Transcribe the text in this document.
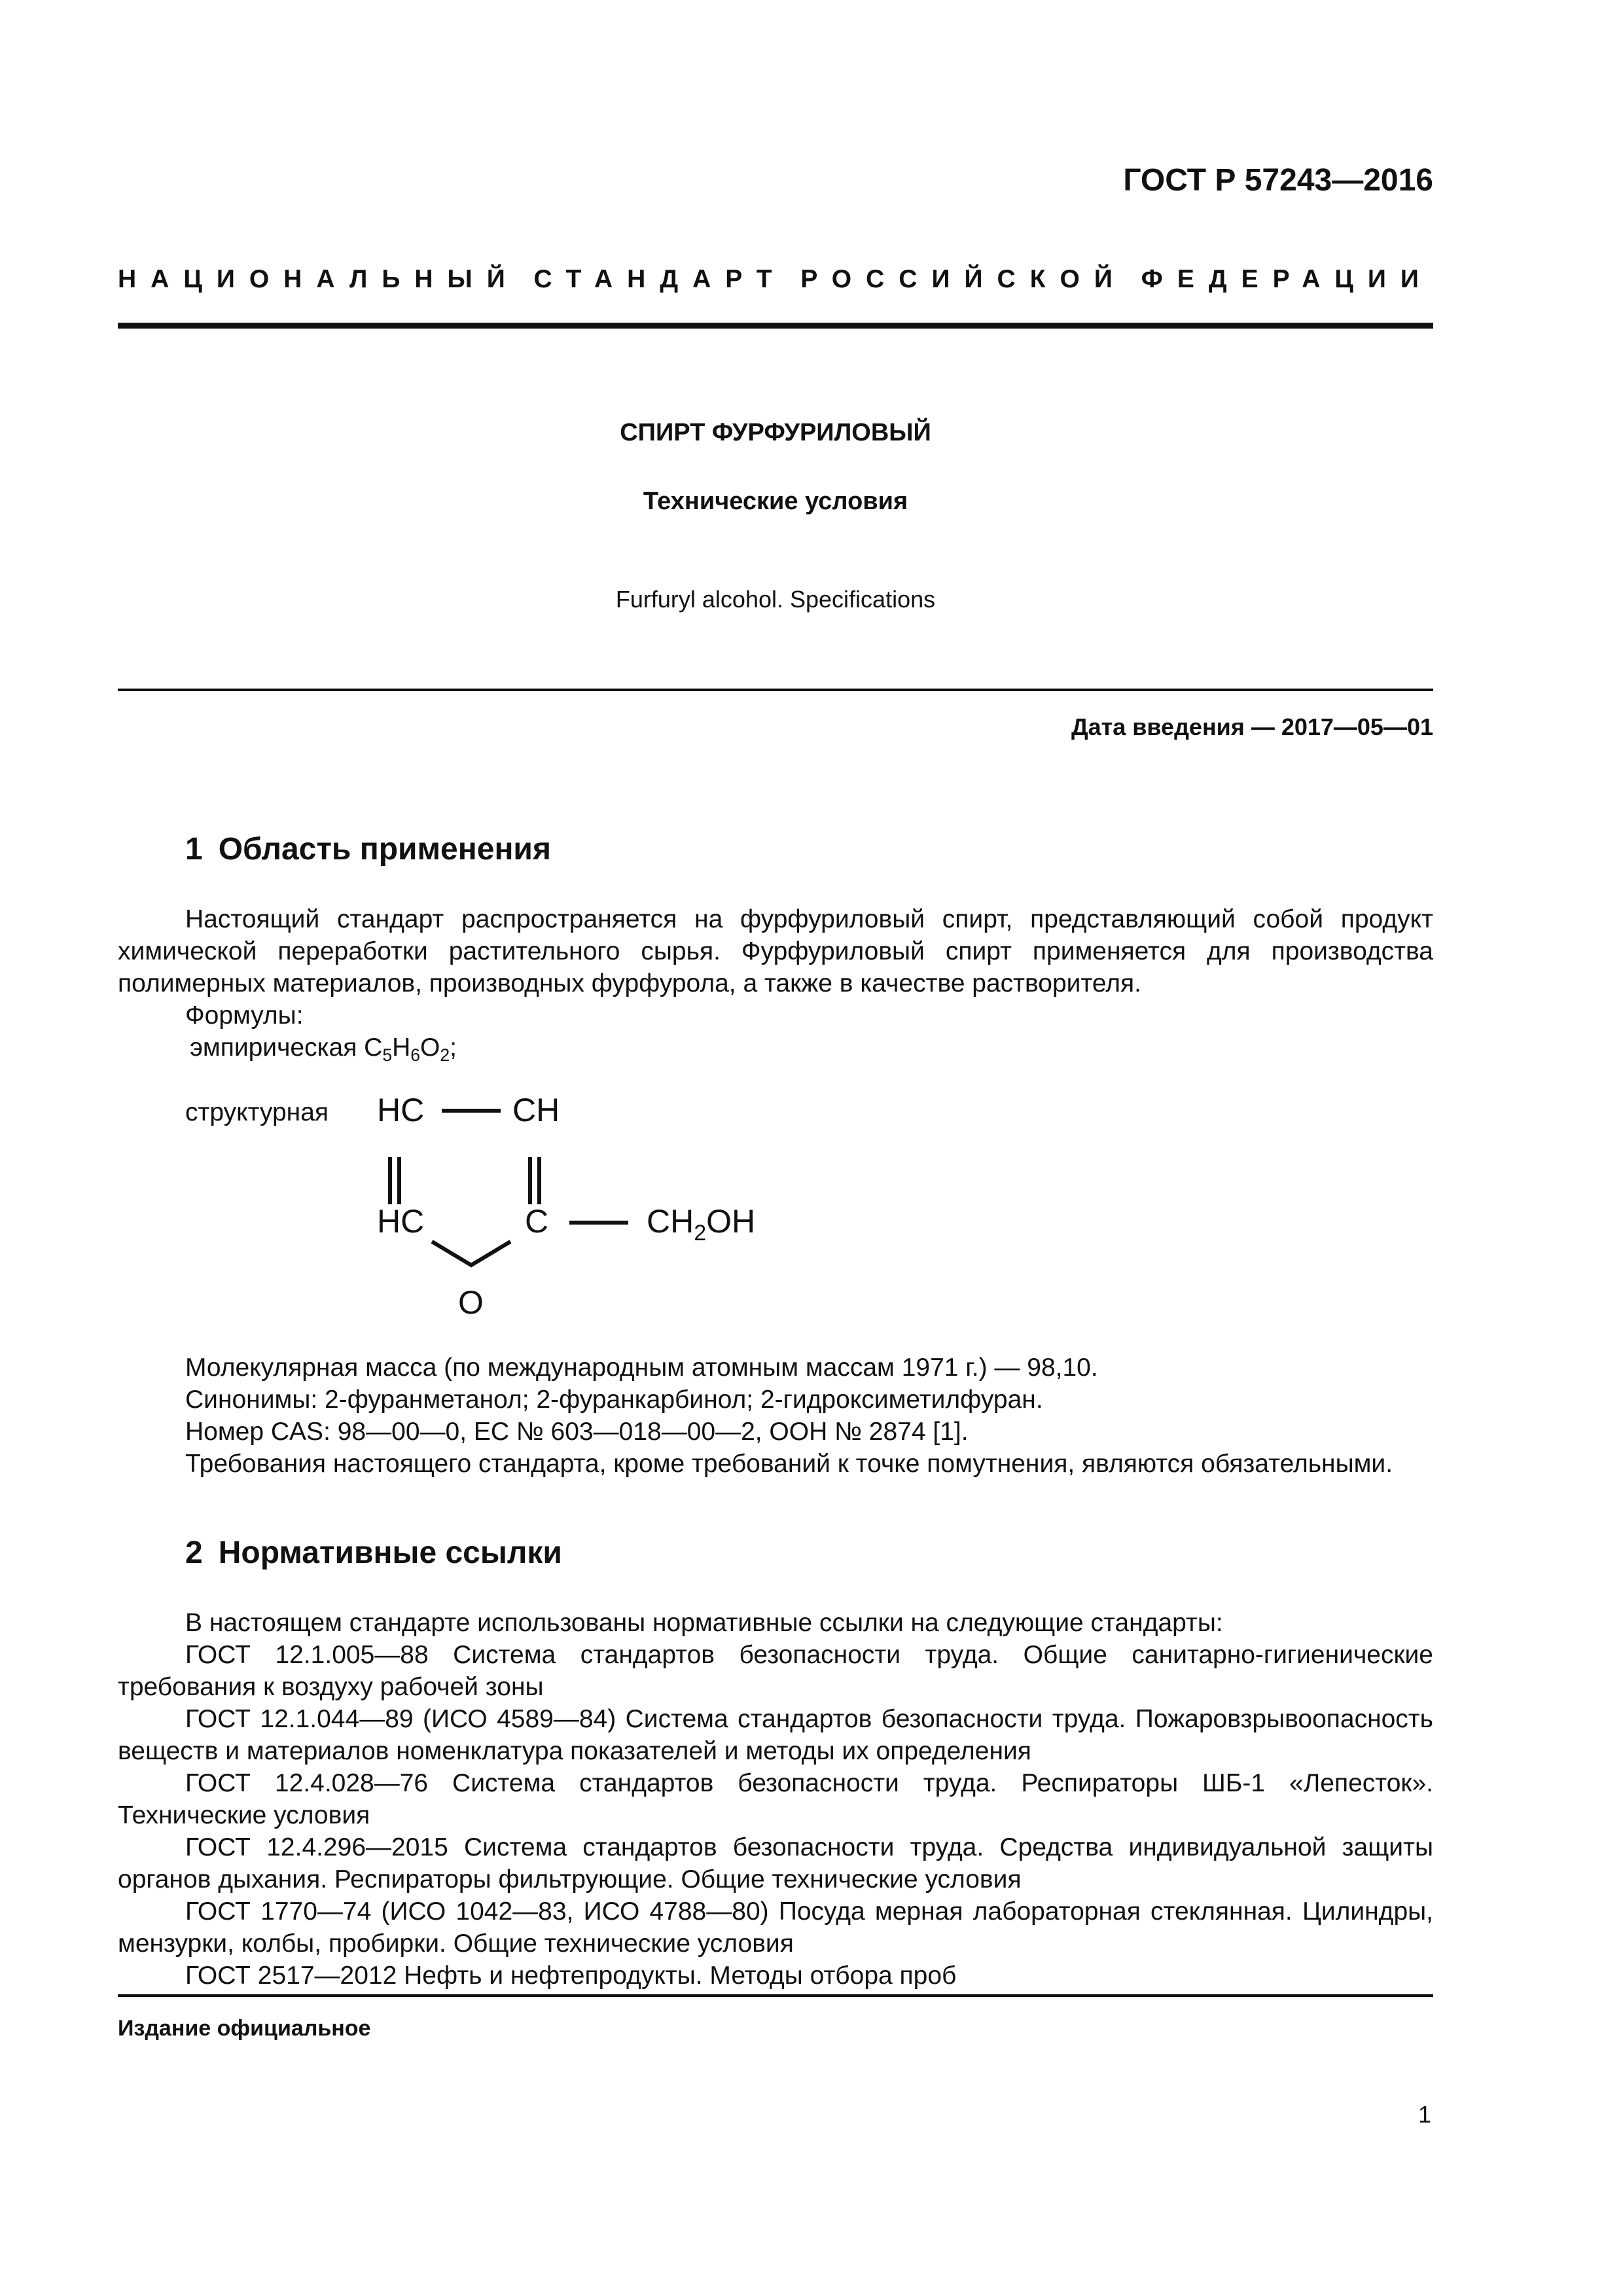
ГОСТ Р 57243—2016
НАЦИОНАЛЬНЫЙ СТАНДАРТ РОССИЙСКОЙ ФЕДЕРАЦИИ
СПИРТ ФУРФУРИЛОВЫЙ
Технические условия
Furfuryl alcohol. Specifications
Дата введения — 2017—05—01
1 Область применения

Настоящий стандарт распространяется на фурфуриловый спирт, представляющий собой продукт химической переработки растительного сырья. Фурфуриловый спирт применяется для производства полимерных материалов, производных фурфурола, а также в качестве растворителя.

Формулы:

эмпирическая $C_5H_6O_2$;

структурная HC	CH
HC	C	$CH_2OH$
O

Молекулярная масса (по международным атомным массам 1971 г.) — 98,10.

Синонимы: 2-фуранметанол; 2-фуранкарбинол; 2-гидроксиметилфуран.

Номер CAS: 98—00—0, ЕС № 603—018—00—2, ООН № 2874 [1].

Требования настоящего стандарта, кроме требований к точке помутнения, являются обязательными.

2 Нормативные ссылки

В настоящем стандарте использованы нормативные ссылки на следующие стандарты:

ГОСТ 12.1.005—88 Система стандартов безопасности труда. Общие санитарно-гигиенические требования к воздуху рабочей зоны

ГОСТ 12.1.044—89 (ИСО 4589—84) Система стандартов безопасности труда. Пожаровзрывоопасность веществ и материалов номенклатура показателей и методы их определения

ГОСТ 12.4.028—76 Система стандартов безопасности труда. Респираторы ШБ-1 «Лепесток». Технические условия

ГОСТ 12.4.296—2015 Система стандартов безопасности труда. Средства индивидуальной защиты органов дыхания. Респираторы фильтрующие. Общие технические условия

ГОСТ 1770—74 (ИСО 1042—83, ИСО 4788—80) Посуда мерная лабораторная стеклянная. Цилиндры, мензурки, колбы, пробирки. Общие технические условия

ГОСТ 2517—2012 Нефть и нефтепродукты. Методы отбора проб

Издание официальное
1
